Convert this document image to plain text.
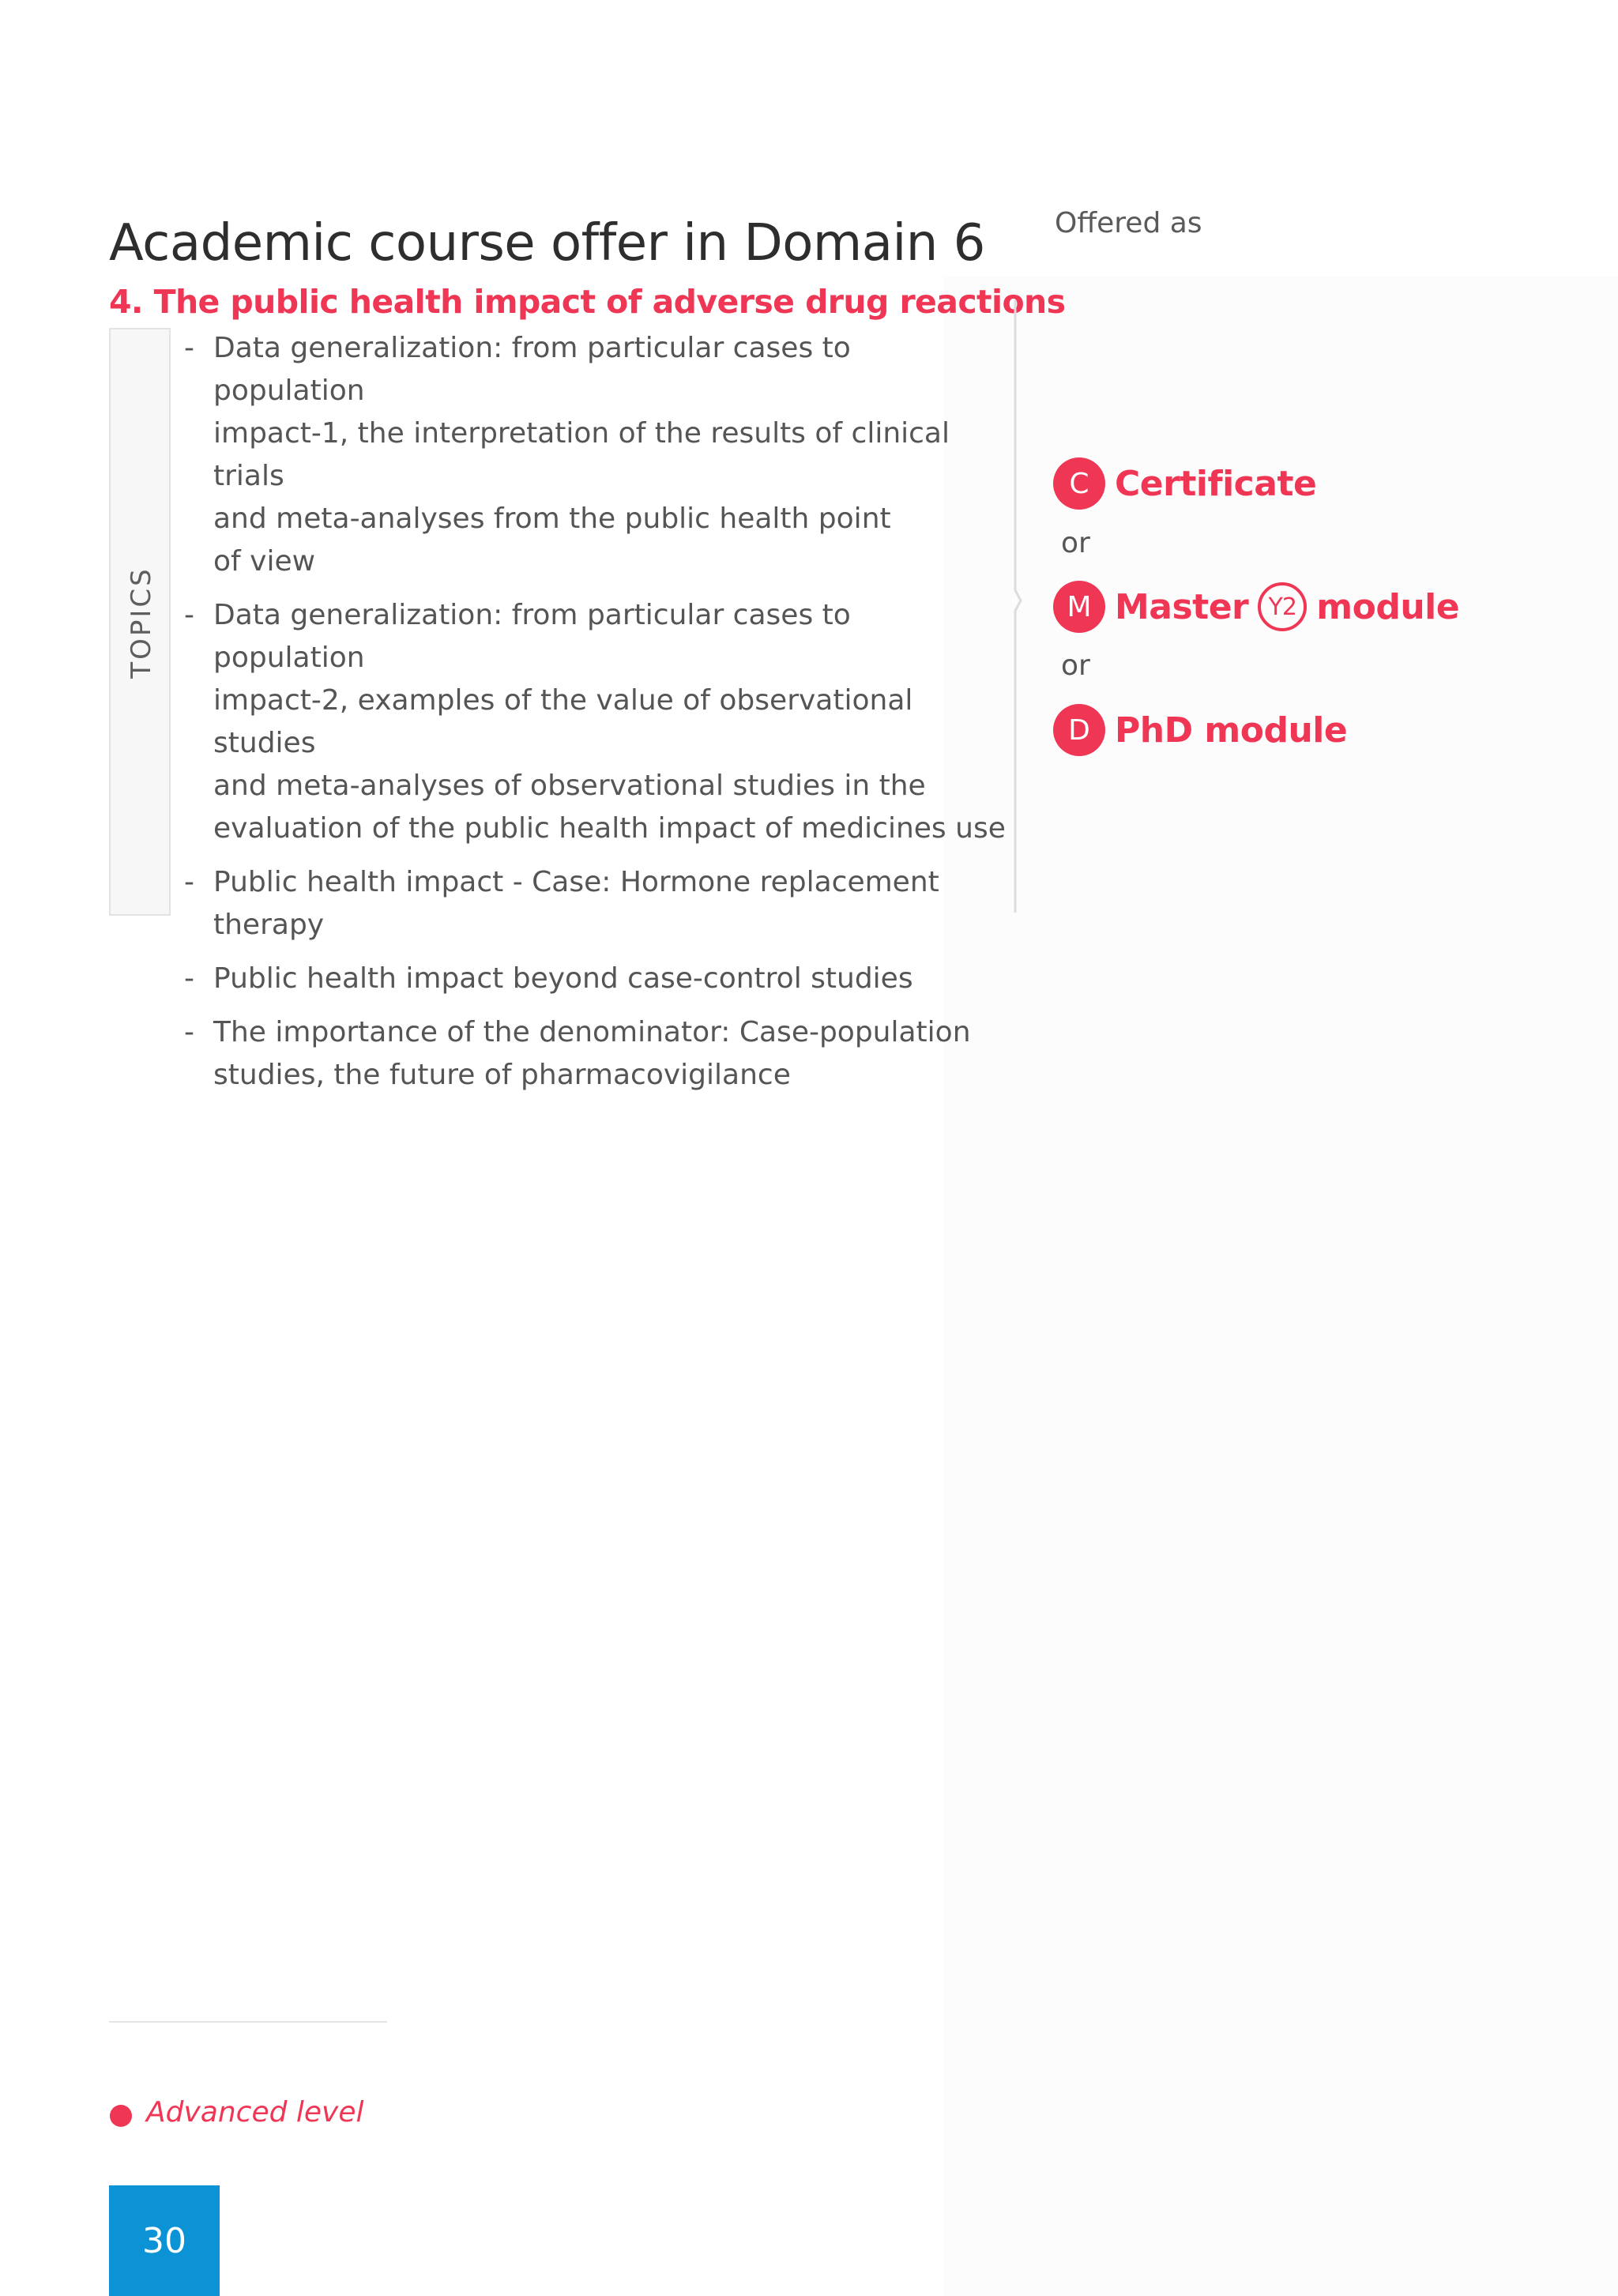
Academic course offer in Domain 6 Offered as
4. The public health impact of adverse drug reactions
TOPICS
- Data generalization: from particular cases to population
impact-1, the interpretation of the results of clinical trials
and meta-analyses from the public health point
of view
- Data generalization: from particular cases to population
impact-2, examples of the value of observational studies
and meta-analyses of observational studies in the
evaluation of the public health impact of medicines use
- Public health impact - Case: Hormone replacement
therapy
- Public health impact beyond case-control studies
- The importance of the denominator: Case-population
studies, the future of pharmacovigilance
C Certificate
or
M Master Y2 module
or
D PhD module
Advanced level
30
